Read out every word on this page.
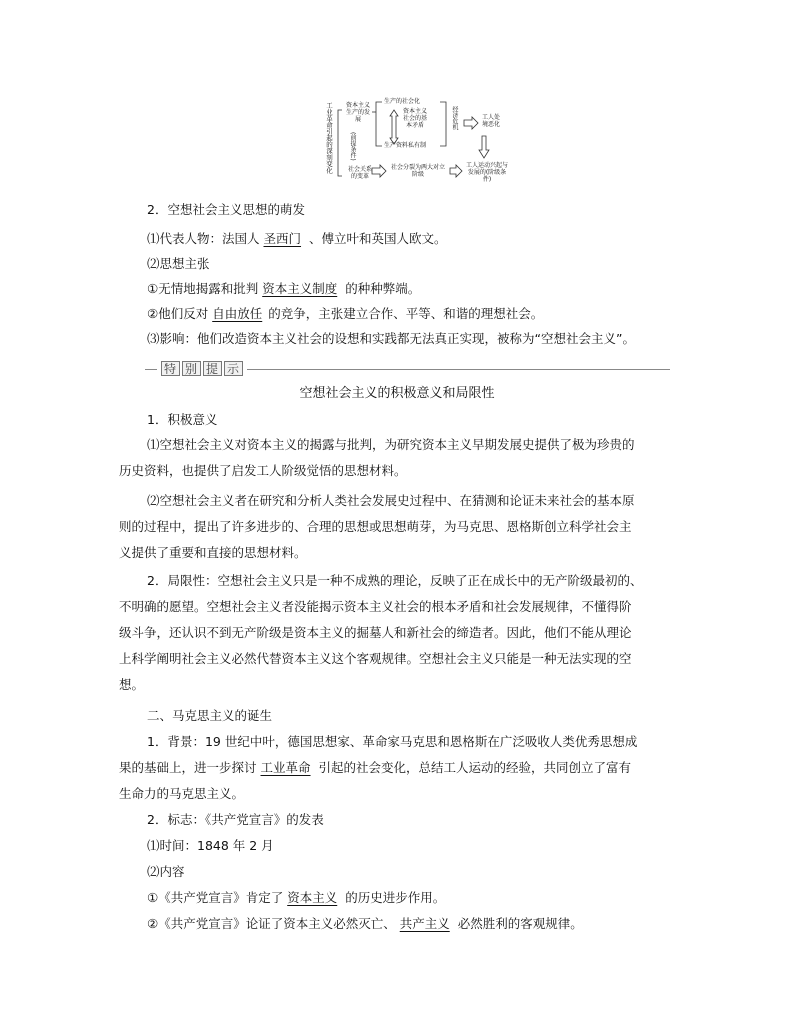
工业革命引起的深刻变化 资本主义生产的发展
(前提条件)
社会关系的变革
生产的社会化
资本主义社会的基本矛盾
生产资料私有制
经济危机	工人处境恶化
社会分裂为两大对立阶级
工人运动兴起与发展的(阶级条件)
2．空想社会主义思想的萌发
⑴代表人物：法国人 圣西门 、傅立叶和英国人欧文。
⑵思想主张
①无情地揭露和批判 资本主义制度 的种种弊端。
②他们反对 自由放任 的竞争，主张建立合作、平等、和谐的理想社会。
⑶影响：他们改造资本主义社会的设想和实践都无法真正实现，被称为“空想社会主义”。
特 别 提 示
空想社会主义的积极意义和局限性
1．积极意义
⑴空想社会主义对资本主义的揭露与批判，为研究资本主义早期发展史提供了极为珍贵的
历史资料，也提供了启发工人阶级觉悟的思想材料。
⑵空想社会主义者在研究和分析人类社会发展史过程中、在猜测和论证未来社会的基本原
则的过程中，提出了许多进步的、合理的思想或思想萌芽，为马克思、恩格斯创立科学社会主
义提供了重要和直接的思想材料。
2．局限性：空想社会主义只是一种不成熟的理论，反映了正在成长中的无产阶级最初的、
不明确的愿望。空想社会主义者没能揭示资本主义社会的根本矛盾和社会发展规律，不懂得阶
级斗争，还认识不到无产阶级是资本主义的掘墓人和新社会的缔造者。因此，他们不能从理论
上科学阐明社会主义必然代替资本主义这个客观规律。空想社会主义只能是一种无法实现的空
想。
二、马克思主义的诞生
1．背景：19 世纪中叶，德国思想家、革命家马克思和恩格斯在广泛吸收人类优秀思想成
果的基础上，进一步探讨 工业革命 引起的社会变化，总结工人运动的经验，共同创立了富有
生命力的马克思主义。
2．标志：《共产党宣言》的发表
⑴时间：1848 年 2 月
⑵内容
①《共产党宣言》肯定了 资本主义 的历史进步作用。
②《共产党宣言》论证了资本主义必然灭亡、 共产主义 必然胜利的客观规律。
